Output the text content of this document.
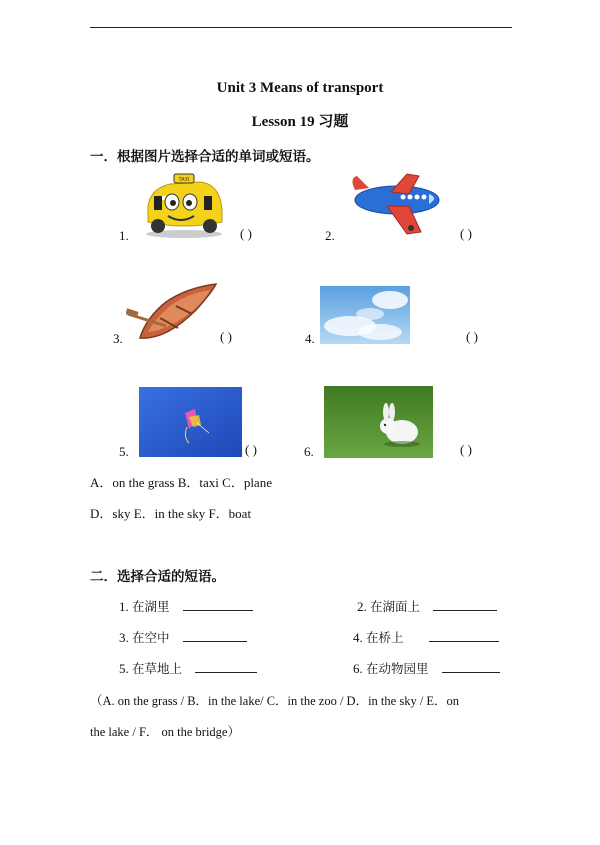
Unit 3 Means of transport
Lesson 19 习题
一．根据图片选择合适的单词或短语。
TAXI
1.	( )	2.	( )
3.	( )	4.	( )
5.	( )	6.	( )
A．on the grass B．taxi C．plane
D．sky E．in the sky F．boat
二．选择合适的短语。
1. 在湖里	2. 在湖面上
3. 在空中	4. 在桥上
5. 在草地上	6. 在动物园里
（A. on the grass / B．in the lake/ C．in the zoo / D．in the sky / E．on
the lake / F． on the bridge）
